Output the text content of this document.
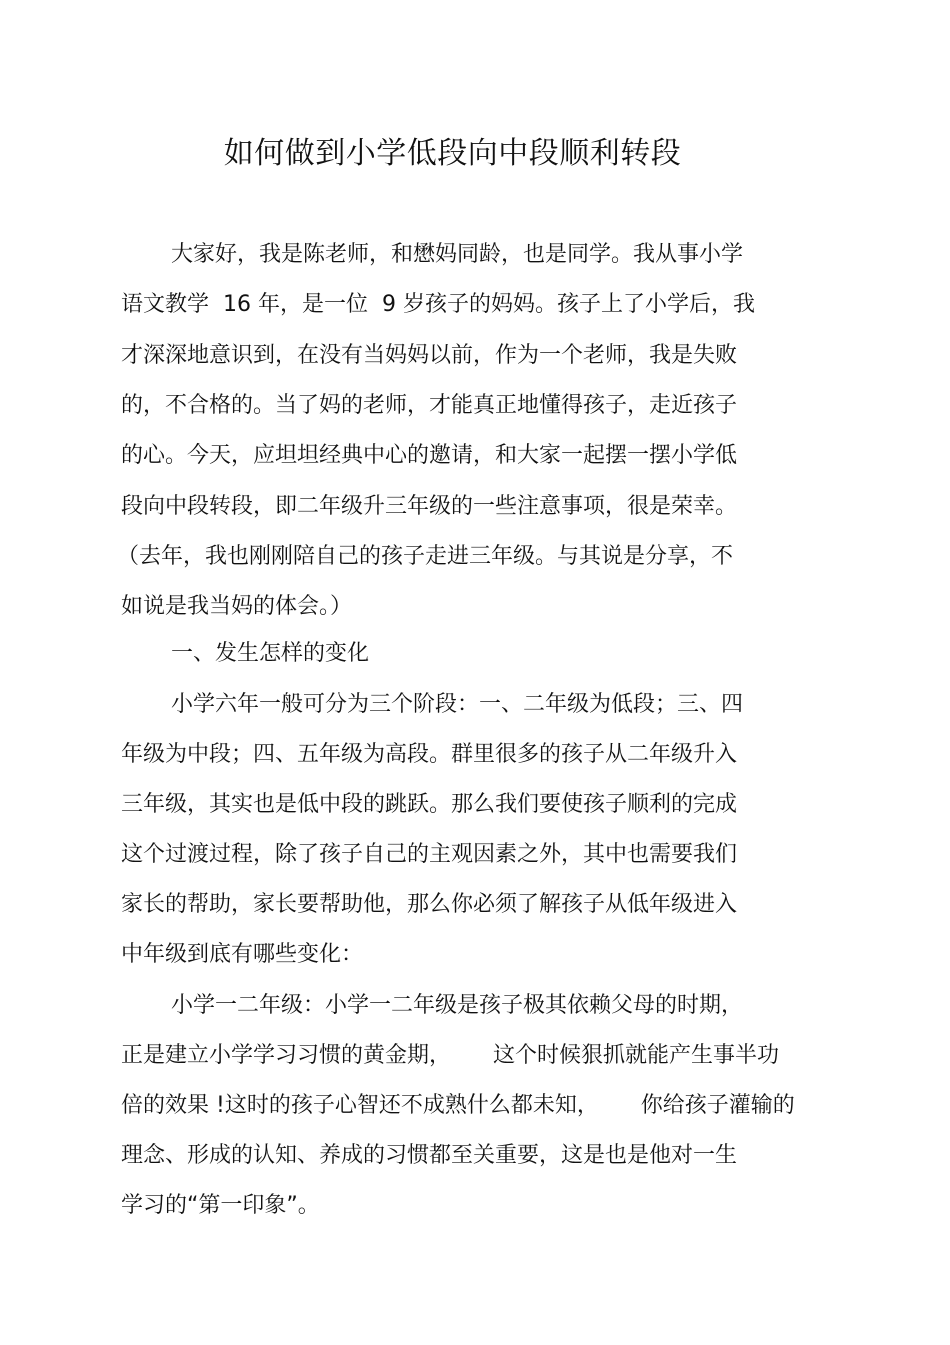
如何做到小学低段向中段顺利转段
大家好，我是陈老师，和懋妈同龄，也是同学。我从事小学
语文教学  16 年，是一位  9 岁孩子的妈妈。孩子上了小学后，我
才深深地意识到，在没有当妈妈以前，作为一个老师，我是失败
的，不合格的。当了妈的老师，才能真正地懂得孩子，走近孩子
的心。今天，应坦坦经典中心的邀请，和大家一起摆一摆小学低
段向中段转段，即二年级升三年级的一些注意事项，很是荣幸。
（去年，我也刚刚陪自己的孩子走进三年级。与其说是分享，不
如说是我当妈的体会。）
一、发生怎样的变化
小学六年一般可分为三个阶段：一、二年级为低段；三、四
年级为中段；四、五年级为高段。群里很多的孩子从二年级升入
三年级，其实也是低中段的跳跃。那么我们要使孩子顺利的完成
这个过渡过程，除了孩子自己的主观因素之外，其中也需要我们
家长的帮助，家长要帮助他，那么你必须了解孩子从低年级进入
中年级到底有哪些变化：
小学一二年级：小学一二年级是孩子极其依赖父母的时期，
正是建立小学学习习惯的黄金期，      这个时候狠抓就能产生事半功
倍的效果 !这时的孩子心智还不成熟什么都未知，      你给孩子灌输的
理念、形成的认知、养成的习惯都至关重要，这是也是他对一生
学习的“第一印象”。
